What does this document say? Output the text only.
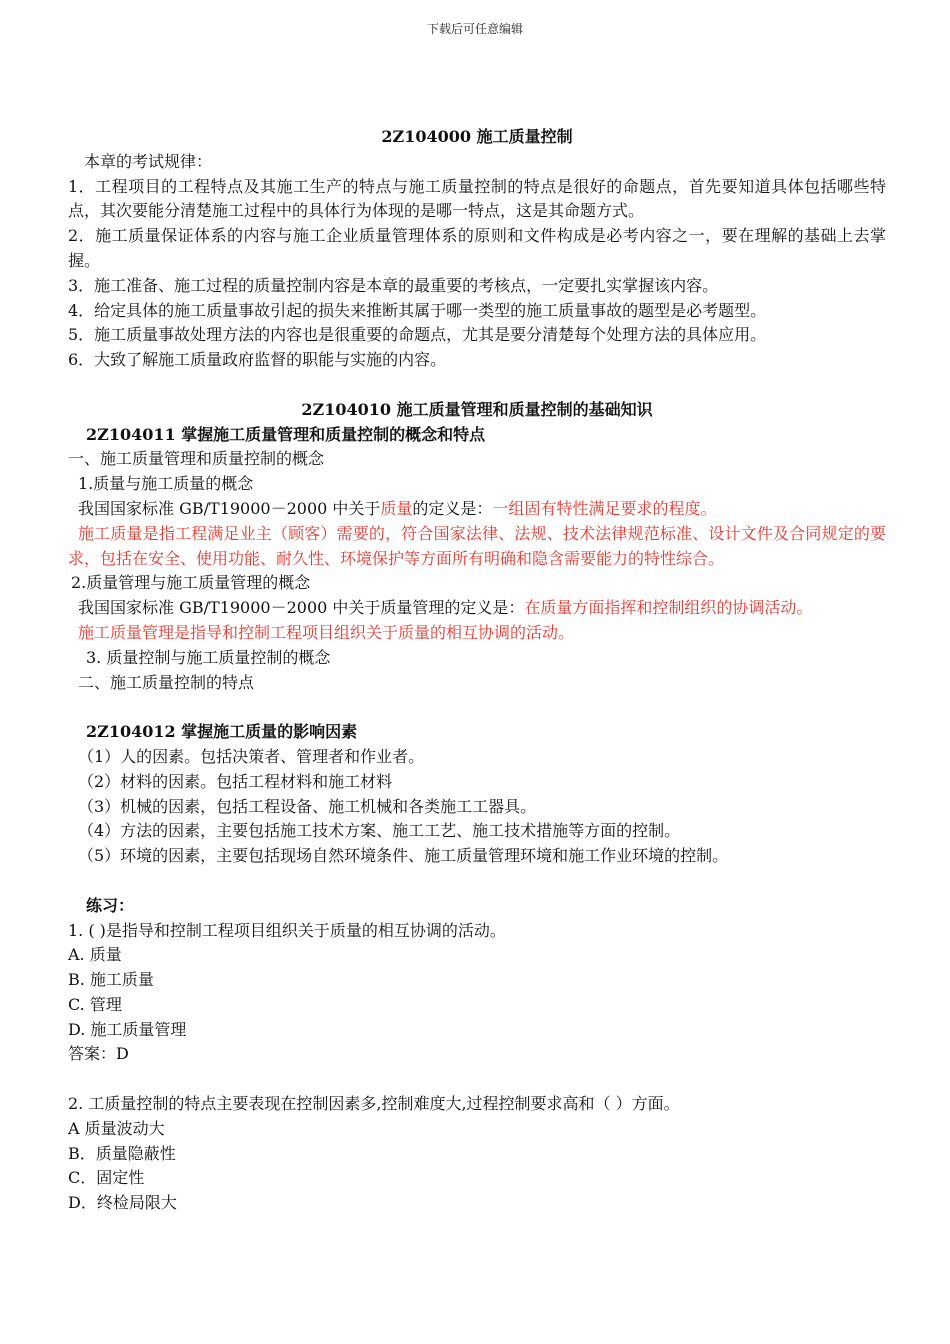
下载后可任意编辑
2Z104000 施工质量控制
本章的考试规律：
1．工程项目的工程特点及其施工生产的特点与施工质量控制的特点是很好的命题点，首先要知道具体包括哪些特点，其次要能分清楚施工过程中的具体行为体现的是哪一特点，这是其命题方式。
2．施工质量保证体系的内容与施工企业质量管理体系的原则和文件构成是必考内容之一，要在理解的基础上去掌握。
3．施工准备、施工过程的质量控制内容是本章的最重要的考核点，一定要扎实掌握该内容。
4．给定具体的施工质量事故引起的损失来推断其属于哪一类型的施工质量事故的题型是必考题型。
5．施工质量事故处理方法的内容也是很重要的命题点，尤其是要分清楚每个处理方法的具体应用。
6．大致了解施工质量政府监督的职能与实施的内容。
2Z104010 施工质量管理和质量控制的基础知识
2Z104011 掌握施工质量管理和质量控制的概念和特点
一、施工质量管理和质量控制的概念
1.质量与施工质量的概念
我国国家标准 GB/T19000－2000 中关于质量的定义是：一组固有特性满足要求的程度。
施工质量是指工程满足业主（顾客）需要的，符合国家法律、法规、技术法律规范标准、设计文件及合同规定的要求，包括在安全、使用功能、耐久性、环境保护等方面所有明确和隐含需要能力的特性综合。
2.质量管理与施工质量管理的概念
我国国家标准 GB/T19000－2000 中关于质量管理的定义是：在质量方面指挥和控制组织的协调活动。
施工质量管理是指导和控制工程项目组织关于质量的相互协调的活动。
3. 质量控制与施工质量控制的概念
二、施工质量控制的特点
2Z104012 掌握施工质量的影响因素
（1）人的因素。包括决策者、管理者和作业者。
（2）材料的因素。包括工程材料和施工材料
（3）机械的因素，包括工程设备、施工机械和各类施工工器具。
（4）方法的因素，主要包括施工技术方案、施工工艺、施工技术措施等方面的控制。
（5）环境的因素，主要包括现场自然环境条件、施工质量管理环境和施工作业环境的控制。
练习：
1. ( )是指导和控制工程项目组织关于质量的相互协调的活动。
A. 质量
B. 施工质量
C. 管理
D. 施工质量管理
答案：D
2. 工质量控制的特点主要表现在控制因素多,控制难度大,过程控制要求高和（ ）方面。
A 质量波动大
B．质量隐蔽性
C．固定性
D．终检局限大
